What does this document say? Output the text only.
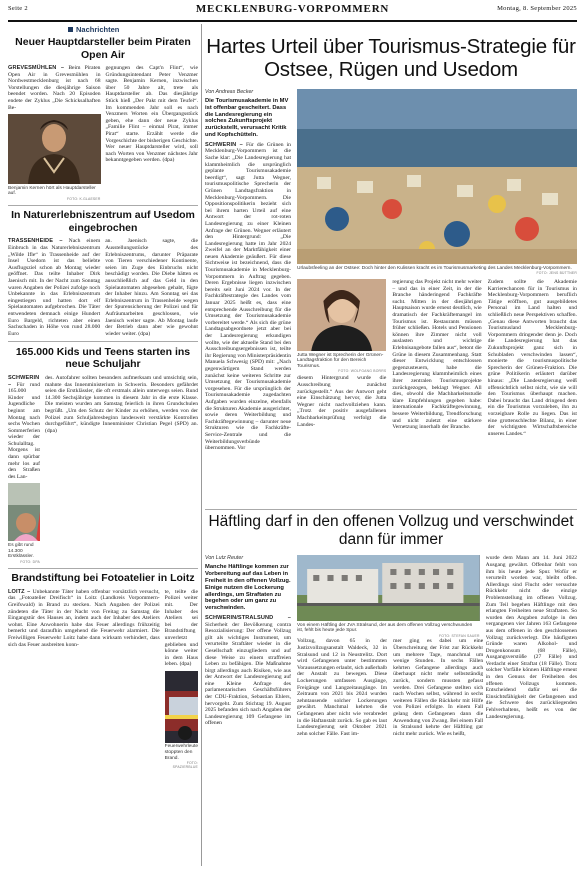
Seite 2	MECKLENBURG-VORPOMMERN	Montag, 8. September 2025
Nachrichten
Neuer Hauptdarsteller beim Piraten Open Air

GREVESMÜHLEN – Beim Piraten Open Air in Grevesmühlen in Nordwestmecklenburg ist nach 68 Vorstellungen die diesjährige Saison beendet worden. Nach 20 Episoden endete der Zyklus „Die Schicksalhaften Be-

Benjamin Kernen hört als Hauptdarsteller auf.
FOTO: K.GLAESER

gegnungen des Capt'n Flint“, wie Gründungsintendant Peter Venzmer sagte. Benjamin Kernen, inzwischen über 50 Jahre alt, trete als Hauptdarsteller ab. Das diesjährige Stück hieß „Der Pakt mit dem Teufel“. Im kommenden Jahr soll es nach Venzmers Worten ein Übergangsstück geben, ehe dann der neue Zyklus „Familie Flint – einmal Pirat, immer Pirat“ starte. Erzählt werde die Vorgeschichte der bisherigen Geschichte. Wer neuer Hauptdarsteller wird, soll nach Worten von Venzmer nächstes Jahr bekanntgegeben werden. (dpa)

In Naturerlebniszentrum auf Usedom eingebrochen

TRASSENHEIDE – Nach einem Einbruch in das Naturerlebniszentrum „Wilde Ifle“ in Trassenheide auf der Insel Usedom ist das beliebte Ausflugsziel schon ab Montag wieder geöffnet. Das teilte Inhaber Dirk Jaenisch mit. In der Nacht zum Sonntag waren Angaben der Polizei zufolge noch Unbekannte in das Erlebniszentrum eingestiegen und hatten dort elf Spielautomaten aufgebrochen. Die Täter entwendeten demnach einige Hundert Euro Bargeld, richteten aber einen Sachschaden in Höhe von rund 28.000 Euro

an. Jaenisch sagte, die Ausstellungsstücke des Erlebniszentrums, darunter Präparate von Tieren verschiedener Kontinente, seien im Zuge des Einbruchs nicht beschädigt worden. Die Diebe hätten es ausschließlich auf das Geld in den Spielautomaten abgesehen gehabt, fügte der Inhaber hinzu. Am Sonntag sei das Erlebniszentrum in Trassenheide wegen der Spurensicherung der Polizei und für Aufräumarbeiten geschlossen, wie Jaenisch weiter sagte. Ab Montag laufe der Betrieb dann aber wie gewohnt wieder weiter. (dpa)

165.000 Kids und Teens starten ins neue Schuljahr

SCHWERIN – Für rund 165.000 Kinder und Jugendliche beginnt am Montag nach sechs Wochen Sommerferien wieder der Schulalltag. Morgens ist dann spürbar mehr los auf den Straßen des Lan-

Es gibt rund 14.300 Erstklässler.
FOTO: DPA

des. Autofahrer sollten besonders aufmerksam und umsichtig sein, mahnte das Innenministerium in Schwerin. Besonders gefährdet seien die Erstklässler, die oft erstmals allein unterwegs seien. Rund 14.300 Sechsjährige kommen in diesem Jahr in die erste Klasse. Die meisten wurden am Samstag feierlich in ihren Grundschulen begrüßt. „Um den Schutz der Kinder zu erhöhen, werden von der Polizei zum Schuljahresbeginn landesweit verstärkte Kontrollen durchgeführt“, kündigte Innenminister Christian Pegel (SPD) an. (dpa)

Brandstiftung bei Fotoatelier in Loitz

LOITZ – Unbekannte Täter haben offenbar vorsätzlich versucht, das „Fotoatelier Dreifisch“ in Loitz (Landkreis Vorpommern-Greifswald) in Brand zu stecken. Nach Angaben der Polizei zündeten die Täter in der Nacht von Freitag zu Samstag die Eingangstür des Hauses an, indem auch der Inhaber des Ateliers wohnt. Eine Anwohnerin habe das Feuer allerdings frühzeitig bemerkt und daraufhin umgehend die Feuerwehr alarmiert. Die Freiwilligen Feuerwehr Loitz habe dann wirksam verhindert, dass sich das Feuer ausbreiten konn-

te, teilte die Polizei weiter mit. Der Inhaber des Ateliers sei bei der Brandstiftung unverletzt geblieben und könne weiter in dem Haus leben. (dpa)

Feuerwehrleute stoppten den Brand.
FOTO: SPAZIERBLUE
Hartes Urteil über Tourismus-Strategie für Ostsee, Rügen und Usedom
Von Andreas Becker

Die Tourismusakademie in MV ist offenbar gescheitert. Dass die Landesregierung ein solches Zukunftsprojekt zurückstellt, verursacht Kritik und Kopfschütteln.

SCHWERIN – Für die Grünen in Mecklenburg-Vorpommern ist die Sache klar: „Die Landesregierung hat klammheimlich die ursprünglich geplante Tourismusakademie beerdigt“, sagt Jutta Wegner, tourismuspolitische Sprecherin der Grünen Landtagsfraktion in Mecklenburg-Vorpommern. Die Oppositionspolitikerin bezieht sich bei ihrem harten Urteil auf eine Antwort der rot-roten Landesregierung zu einer Kleinen Anfrage der Grünen. Wegner erläutert den Hintergrund: „Die Landesregierung hatte im Jahr 2024 Zweifel an der Marktfähigkeit einer neuen Akademie geäußert. Für diese Sichtweise ist bezeichnend, dass die Tourismusakademie in Mecklenburg-Vorpommern in Auftrag gegeben. Deren Ergebnisse liegen inzwischen bereits seit Juni 2024 vor. In der Fachkräftestrategie des Landes vom Januar 2025 heißt es, dass eine entsprechende Ausschreibung für die Umsetzung der Tourismusakademie vorbereitet werde.“ Als sich die grüne Landtagsabgeordnete jetzt aber bei der Landesregierung erkundigen wollte, wie der aktuelle Stand bei den Ausschreibungsergebnissen ist, teilte ihr Regierung von Ministerpräsidentin Manuela Schwesig (SPD) mit: „Nach gegenwärtigem Stand werden zunächst keine weiteren Schritte zur Umsetzung der Tourismusakademie vorgesehen. Für die ursprünglich der Tourismusakademie zugedachten Aufgaben wurden einzelne, ebenfalls die Strukturen Akademie ausgerichtet, sowie deren Weiterbildung und Fachkräftegewinnung – darunter neue Strukturen wie die Fachkräfte-Service-Zentrale und die Weiterbildungsverbünde übernommen. Vor

Urlaubsfeeling an der Ostsee: Doch hinter den Kulissen kracht es im Tourismusmarketing des Landes Mecklenburg-Vorpommern.
FOTO: JENS BÜTTNER
Jutta Wegner ist Sprecherin der Grünen-Landtagsfraktion für den Bereich Tourismus.
FOTO: WOLFGANG BORRS

diesem Hintergrund wurde die Ausschreibung zunächst zurückgestellt.“ Aus der Antwort geht eine Einschätzung hervor, die Jutta Wegner nicht nachvollziehen kann. „Trotz der positiv ausgefallenen Machbarkeitsprüfung verfolgt die Landes-

regierung das Projekt nicht mehr weiter – und das in einer Zeit, in der die Branche händeringend Fachkräfte sucht. Mitten in der diesjährigen Hauptsaison wurde erneut deutlich, wie dramatisch der Fachkräftemangel im Tourismus ist. Restaurants müssen früher schließen. Hotels und Pensionen können ihre Zimmer nicht voll auslasten und wichtige Erlebnisangebote fallen aus“, betont die Grüne in diesem Zusammenhang. Statt dieser Entwicklung entschlossen gegenzusteuern, habe die Landesregierung klammheimlich eines ihrer zentralen Tourismusprojekte zurückgezogen, beklagt Wegner. All dies, obwohl die Machbarkeitsstudie klare Empfehlungen gegeben habe: internationale Fachkräftegewinnung, bessere Weiterbildung, Trendforschung und nicht zuletzt eine stärkere Vernetzung innerhalb der Branche.

Zudem sollte die Akademie Karrierechancen für in Tourismus in Mecklenburg-Vorpommern beruflich Tätige eröffnen, gut ausgebildetes Personal im Land halten und schließlich neue Perspektiven schaffen. „Genau diese Antworten braucht das Tourismusland Mecklenburg-Vorpommern dringender denn je. Doch die Landesregierung hat das Zukunftsprojekt ganz sich in Schubladen verschwinden lassen“, monierte die tourismuspolitische Sprecherin der Grünen-Fraktion. Die grüne Politikerin erläutert darüber hinaus: „Die Landesregierung weiß offensichtlich selbst nicht, wie sie will den Tourismus überhaupt machen. Dabei braucht das Land dringend dem ein die Tourismus vorzuleben, ihn zu vorzeigbare Rolle zu liegen. Das ist eine grottenschlechte Bilanz, in einer der wichtigsten Wirtschaftsbereiche unseres Landes.“

Häftling darf in den offenen Vollzug und verschwindet dann für immer
Von Lutz Reuter

Manche Häftlinge kommen zur Vorbereitung auf das Leben in Freiheit in den offenen Vollzug. Einige nutzen die Lockerung allerdings, um Straftaten zu begehen oder um ganz zu verschwinden.

SCHWERIN/STRALSUND – Sicherheit der Bevölkerung contra Resozialisierung: Der offene Vollzug gilt als wichtiges Instrument, um verurteilte Straftäter wieder in die Gesellschaft einzugliedern und auf diese Weise zu einem straffreien Leben zu befähigen. Die Maßnahme birgt allerdings auch Risiken, wie aus der Antwort der Landesregierung auf eine Kleine Anfrage des parlamentarischen Geschäftsführers der CDU-Fraktion, Sebastian Ehlers, hervorgeht. Zum Stichtag 19. August 2025 befanden sich nach Angaben der Landesregierung 109 Gefangene im offenen

Von einem Häftling der JVA Stralsund, der aus dem offenen Vollzug verschwunden ist, fehlt bis heute jede Spur.
FOTO: STEFAN SAUER

wurde dem Mann am 14. Juni 2022 Ausgang gewährt. Offenbar fehlt von ihm bis heute jede Spur. Wofür er verurteilt worden war, bleibt offen. Allerdings sind Flucht oder versuchte Rückkehr nicht die einzige Problemstellung im offenen Vollzug. Zum Teil begehen Häftlinge mit den erlangten Freiheiten neue Straftaten. So wurden den Angaben zufolge in den vergangenen vier Jahren 163 Gefangene aus dem offenen in den geschlossenen Vollzug zurückverlegt. Die häufigsten Gründe waren Alkohol- und Drogenkonsum (68 Fälle), Ausgangsverstöße (27 Fälle) und Verdacht einer Straftat (18 Fälle). Trotz solcher Vorfälle können Häftlinge erneut in den Genuss der Freiheiten des offenen Vollzugs kommen. Entscheidend dafür sei die Einsichtsfähigkeit der Gefangenen und die Schwere des zurückliegenden Fehlverhaltens, heißt es von der Landesregierung.

Vollzug, davon 65 in der Justizvollzugsanstalt Waldeck, 32 in Stralsund und 12 in Neustrelitz. Dort wird Gefangenen unter bestimmten Voraussetzungen erlaubt, sich außerhalb der Anstalt zu bewegen. Diese Lockerungen umfassen Ausgänge, Freigänge und Langzeitausgänge. Im Zeitraum von 2021 bis 2024 wurden zehntausende solcher Lockerungen gewährt. Manchmal kehrten die Gefangenen aber nicht wie verabredet in die Haftanstalt zurück. So gab es laut Landesregierung seit Oktober 2021 zehn solcher Fälle. Fast im-

mer ging es dabei um eine Überschreitung der Frist zur Rückkehr um mehrere Tage, manchmal um wenige Stunden. In sechs Fällen kehrten Gefangene allerdings auch überhaupt nicht mehr selbstständig zurück, sondern mussten gefasst werden. Drei Gefangene stellten sich nach Wochen selbst, während in sechs weiteren Fällen die Rückkehr mit Hilfe von Polizei erfolgte. In einem Fall gelang dem Gefangenen dann die Anwendung von Zwang. Bei einem Fall in Stralsund kehrte der Häftling gar nicht mehr zurück. Wie es heißt,
